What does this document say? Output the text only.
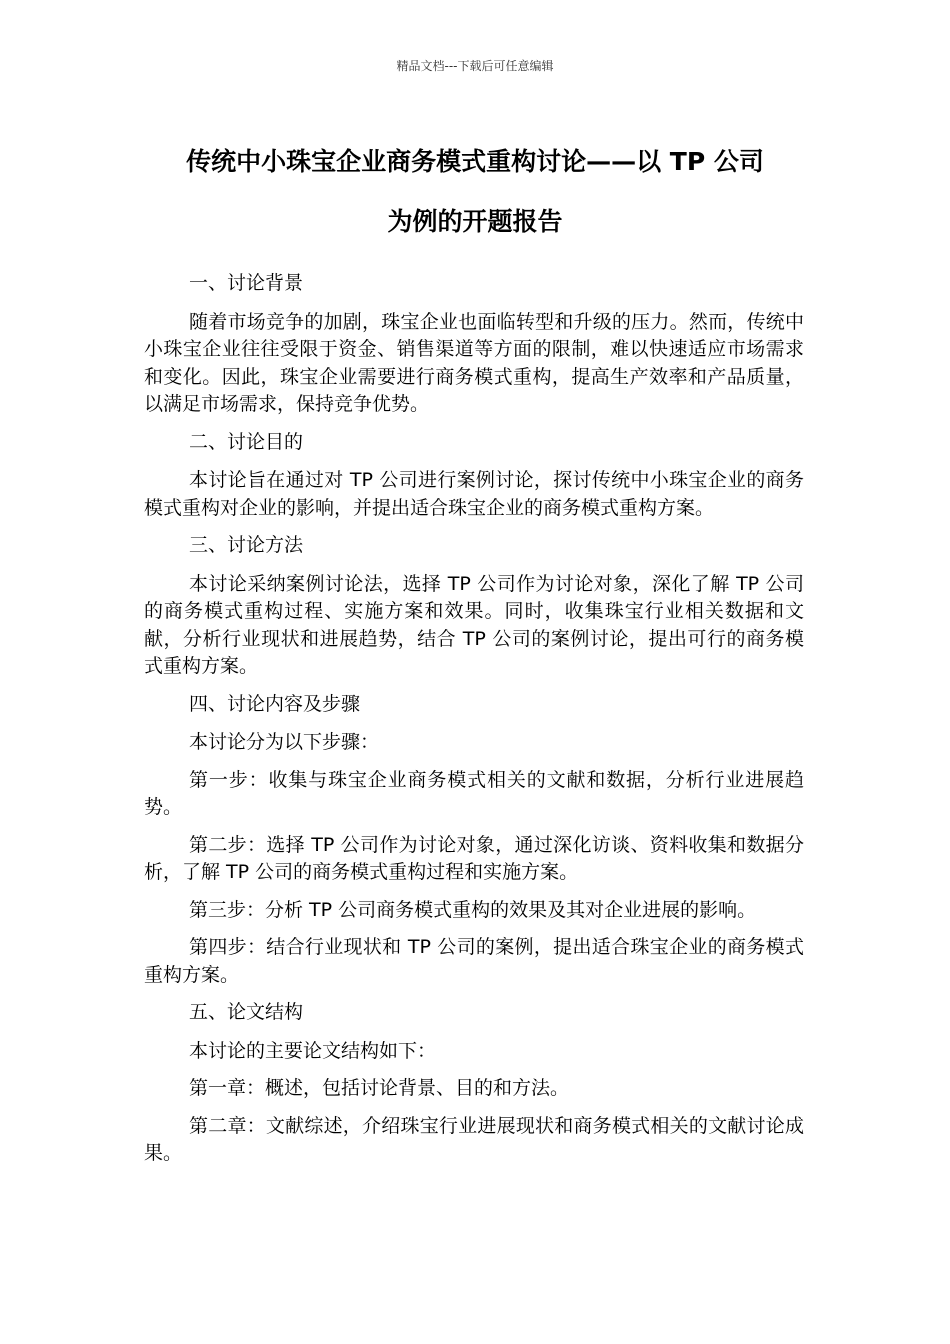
精品文档---下载后可任意编辑
传统中小珠宝企业商务模式重构讨论——以 TP 公司
为例的开题报告

一、讨论背景

随着市场竞争的加剧，珠宝企业也面临转型和升级的压力。然而，传统中小珠宝企业往往受限于资金、销售渠道等方面的限制，难以快速适应市场需求和变化。因此，珠宝企业需要进行商务模式重构，提高生产效率和产品质量，以满足市场需求，保持竞争优势。

二、讨论目的

本讨论旨在通过对 TP 公司进行案例讨论，探讨传统中小珠宝企业的商务模式重构对企业的影响，并提出适合珠宝企业的商务模式重构方案。

三、讨论方法

本讨论采纳案例讨论法，选择 TP 公司作为讨论对象，深化了解 TP 公司的商务模式重构过程、实施方案和效果。同时，收集珠宝行业相关数据和文献，分析行业现状和进展趋势，结合 TP 公司的案例讨论，提出可行的商务模式重构方案。

四、讨论内容及步骤

本讨论分为以下步骤：

第一步：收集与珠宝企业商务模式相关的文献和数据，分析行业进展趋势。

第二步：选择 TP 公司作为讨论对象，通过深化访谈、资料收集和数据分析，了解 TP 公司的商务模式重构过程和实施方案。

第三步：分析 TP 公司商务模式重构的效果及其对企业进展的影响。

第四步：结合行业现状和 TP 公司的案例，提出适合珠宝企业的商务模式重构方案。

五、论文结构

本讨论的主要论文结构如下：

第一章：概述，包括讨论背景、目的和方法。

第二章：文献综述，介绍珠宝行业进展现状和商务模式相关的文献讨论成果。
